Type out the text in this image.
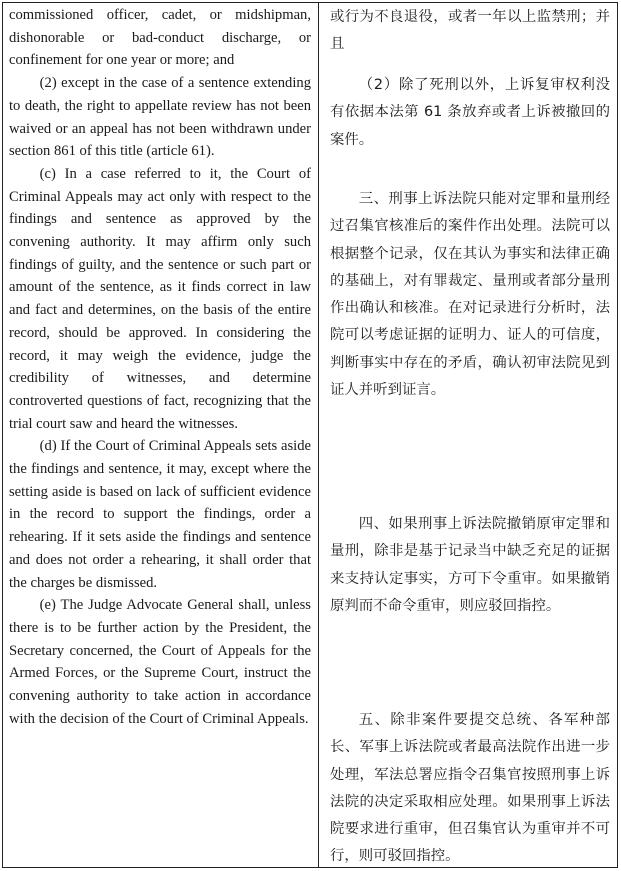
commissioned officer, cadet, or midshipman, dishonorable or bad-conduct discharge, or confinement for one year or more; and

(2) except in the case of a sentence extending to death, the right to appellate review has not been waived or an appeal has not been withdrawn under section 861 of this title (article 61).

(c) In a case referred to it, the Court of Criminal Appeals may act only with respect to the findings and sentence as approved by the convening authority. It may affirm only such findings of guilty, and the sentence or such part or amount of the sentence, as it finds correct in law and fact and determines, on the basis of the entire record, should be approved. In considering the record, it may weigh the evidence, judge the credibility of witnesses, and determine controverted questions of fact, recognizing that the trial court saw and heard the witnesses.

(d) If the Court of Criminal Appeals sets aside the findings and sentence, it may, except where the setting aside is based on lack of sufficient evidence in the record to support the findings, order a rehearing. If it sets aside the findings and sentence and does not order a rehearing, it shall order that the charges be dismissed.

(e) The Judge Advocate General shall, unless there is to be further action by the President, the Secretary concerned, the Court of Appeals for the Armed Forces, or the Supreme Court, instruct the convening authority to take action in accordance with the decision of the Court of Criminal Appeals.

或行为不良退役，或者一年以上监禁刑；并且

（2）除了死刑以外，上诉复审权利没有依据本法第 61 条放弃或者上诉被撤回的案件。

三、刑事上诉法院只能对定罪和量刑经过召集官核准后的案件作出处理。法院可以根据整个记录，仅在其认为事实和法律正确的基础上，对有罪裁定、量刑或者部分量刑作出确认和核准。在对记录进行分析时，法院可以考虑证据的证明力、证人的可信度，判断事实中存在的矛盾，确认初审法院见到证人并听到证言。

四、如果刑事上诉法院撤销原审定罪和量刑，除非是基于记录当中缺乏充足的证据来支持认定事实，方可下令重审。如果撤销原判而不命令重审，则应驳回指控。

五、除非案件要提交总统、各军种部长、军事上诉法院或者最高法院作出进一步处理，军法总署应指令召集官按照刑事上诉法院的决定采取相应处理。如果刑事上诉法院要求进行重审，但召集官认为重审并不可行，则可驳回指控。
